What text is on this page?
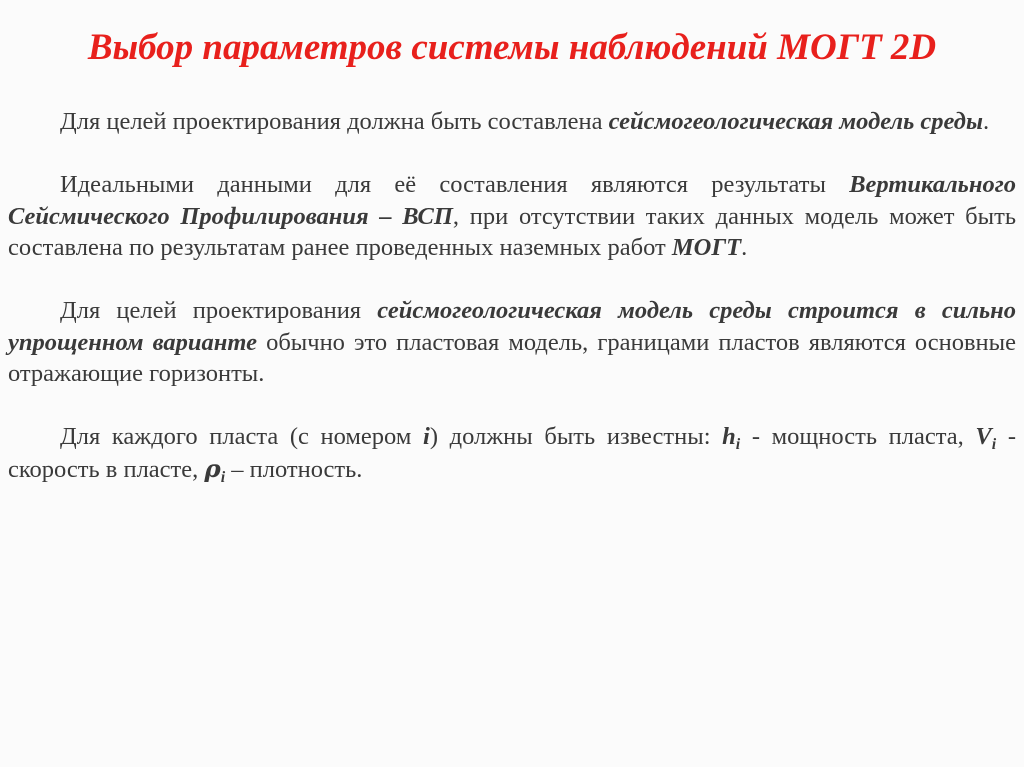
Выбор параметров системы наблюдений МОГТ 2D

Для целей проектирования должна быть составлена сейсмогеологическая модель среды.

Идеальными данными для её составления являются результаты Вертикального Сейсмического Профилирования – ВСП, при отсутствии таких данных модель может быть составлена по результатам ранее проведенных наземных работ МОГТ.

Для целей проектирования сейсмогеологическая модель среды строится в сильно упрощенном варианте обычно это пластовая модель, границами пластов являются основные отражающие горизонты.

Для каждого пласта (с номером i) должны быть известны: $h_i$ - мощность пласта, $V_i$ - скорость в пласте, $\rho_i$ – плотность.
